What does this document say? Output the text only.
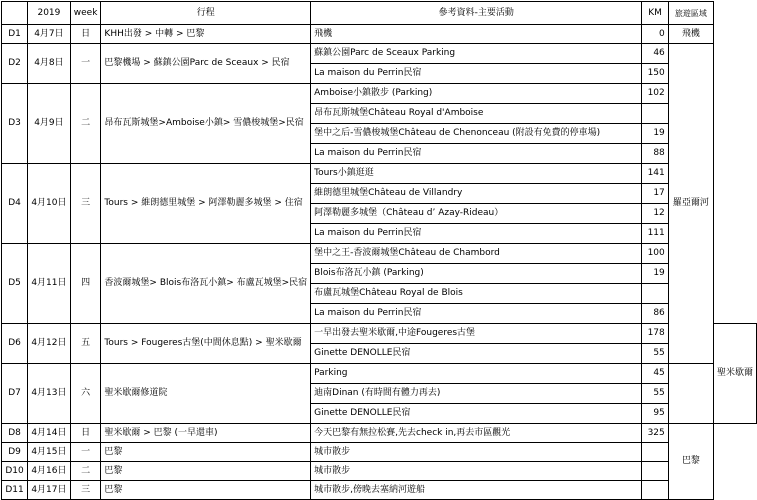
	2019	week	行程	參考資料-主要活動	KM	旅遊區域	
D1	4月7日	日	KHH出發 > 中轉 > 巴黎	飛機	0	飛機	
D2	4月8日	一	巴黎機場 > 蘇鎮公園Parc de Sceaux > 民宿	蘇鎮公園Parc de Sceaux Parking	46	羅亞爾河	
				La maison du Perrin民宿	150		
D3	4月9日	二	昂布瓦斯城堡>Amboise小鎮> 雪儂梭城堡>民宿	Amboise小鎮散步 (Parking)	102		
				昂布瓦斯城堡Château Royal d'Amboise			
				堡中之后-雪儂梭城堡Château de Chenonceau (附設有免費的停車場)	19		
				La maison du Perrin民宿	88		
D4	4月10日	三	Tours > 維朗德里城堡 > 阿澤勒麗多城堡 > 住宿	Tours小鎮逛逛	141		
				維朗德里城堡Château de Villandry	17		
				阿澤勒麗多城堡（Château d’ Azay-Rideau）	12		
				La maison du Perrin民宿	111		
D5	4月11日	四	香波爾城堡> Blois布洛瓦小鎮> 布盧瓦城堡>民宿	堡中之王-香波爾城堡Château de Chambord	100		
				Blois布洛瓦小鎮 (Parking)	19		
				布盧瓦城堡Château Royal de Blois			
				La maison du Perrin民宿	86		
D6	4月12日	五	Tours > Fougeres古堡(中間休息點) > 聖米歇爾	一早出發去聖米歇爾,中途Fougeres古堡	178		聖米歇爾
				Ginette DENOLLE民宿	55		
D7	4月13日	六	聖米歇爾修道院	Parking	45		
				迪南Dinan (有時間有體力再去)	55		
				Ginette DENOLLE民宿	95		
D8	4月14日	日	聖米歇爾 > 巴黎 (一早還車)	今天巴黎有無拉松賽,先去check in,再去市區觀光	325	巴黎	
D9	4月15日	一	巴黎	城市散步			
D10	4月16日	二	巴黎	城市散步			
D11	4月17日	三	巴黎	城市散步,傍晚去塞納河遊船			
